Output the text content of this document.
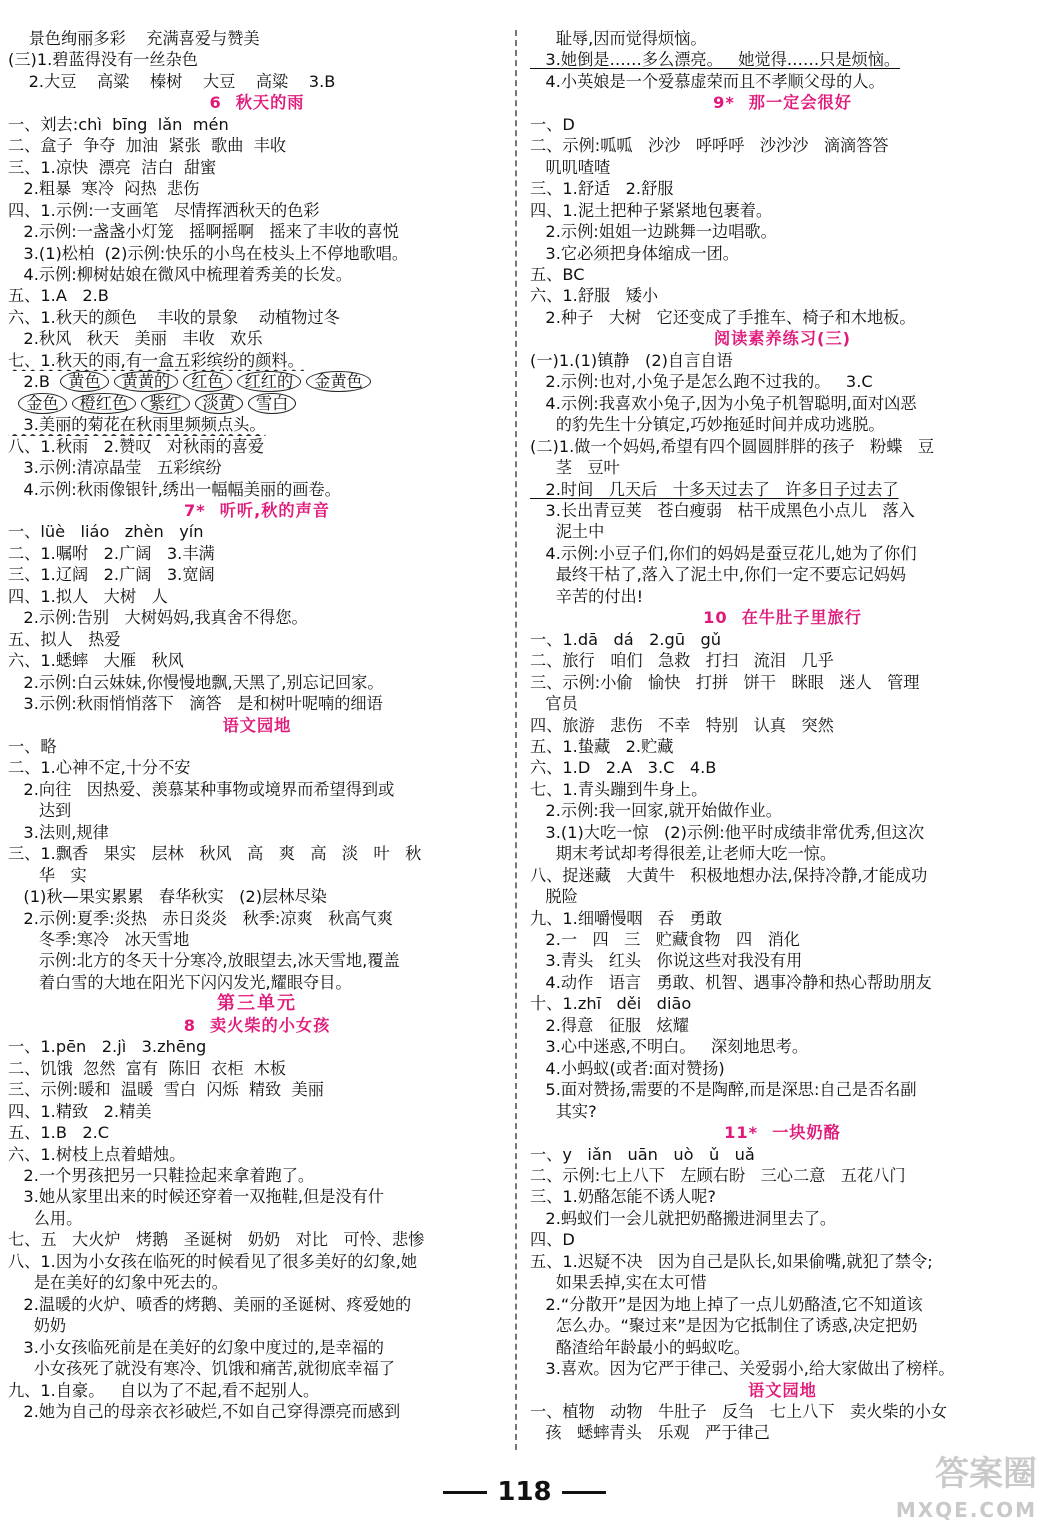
景色绚丽多彩    充满喜爱与赞美
(三)1.碧蓝得没有一丝杂色
2.大豆    高粱    榛树    大豆    高粱    3.B
6 秋天的雨
一、刘去:chì  bīng  lǎn  mén
二、盒子  争夺  加油  紧张  歌曲  丰收
三、1.凉快  漂亮  洁白  甜蜜
2.粗暴  寒冷  闷热  悲伤
四、1.示例:一支画笔   尽情挥洒秋天的色彩
2.示例:一盏盏小灯笼   摇啊摇啊   摇来了丰收的喜悦
3.(1)松柏  (2)示例:快乐的小鸟在枝头上不停地歌唱。
4.示例:柳树姑娘在微风中梳理着秀美的长发。
五、1.A   2.B
六、1.秋天的颜色    丰收的景象    动植物过冬
2.秋风   秋天   美丽   丰收   欢乐
七、1.秋天的雨,有一盒五彩缤纷的颜料。
2.B  黄色 黄黄的 红色 红红的 金黄色
金色 橙红色 紫红 淡黄 雪白
3.美丽的菊花在秋雨里频频点头。
八、1.秋雨   2.赞叹   对秋雨的喜爱
3.示例:清凉晶莹   五彩缤纷
4.示例:秋雨像银针,绣出一幅幅美丽的画卷。
7* 听听,秋的声音
一、lüè   liáo   zhèn   yín
二、1.嘱咐   2.广阔   3.丰满
三、1.辽阔   2.广阔   3.宽阔
四、1.拟人   大树   人
2.示例:告别   大树妈妈,我真舍不得您。
五、拟人   热爱
六、1.蟋蟀   大雁   秋风
2.示例:白云妹妹,你慢慢地飘,天黑了,别忘记回家。
3.示例:秋雨悄悄落下   滴答   是和树叶呢喃的细语
语文园地
一、略
二、1.心神不定,十分不安
2.向往   因热爱、羡慕某种事物或境界而希望得到或
达到
3.法则,规律
三、1.飘香   果实   层林   秋风   高   爽   高   淡   叶   秋
华   实
(1)秋—果实累累   春华秋实   (2)层林尽染
2.示例:夏季:炎热   赤日炎炎   秋季:凉爽   秋高气爽
冬季:寒冷   冰天雪地
示例:北方的冬天十分寒冷,放眼望去,冰天雪地,覆盖
着白雪的大地在阳光下闪闪发光,耀眼夺目。
第三单元
8 卖火柴的小女孩
一、1.pēn   2.jì   3.zhēng
二、饥饿  忽然  富有  陈旧  衣柜  木板
三、示例:暖和  温暖  雪白  闪烁  精致  美丽
四、1.精致   2.精美
五、1.B   2.C
六、1.树枝上点着蜡烛。
2.一个男孩把另一只鞋捡起来拿着跑了。
3.她从家里出来的时候还穿着一双拖鞋,但是没有什
么用。
七、五   大火炉   烤鹅   圣诞树   奶奶   对比   可怜、悲惨
八、1.因为小女孩在临死的时候看见了很多美好的幻象,她
是在美好的幻象中死去的。
2.温暖的火炉、喷香的烤鹅、美丽的圣诞树、疼爱她的
奶奶
3.小女孩临死前是在美好的幻象中度过的,是幸福的
小女孩死了就没有寒冷、饥饿和痛苦,就彻底幸福了
九、1.自豪。   自以为了不起,看不起别人。
2.她为自己的母亲衣衫破烂,不如自己穿得漂亮而感到
耻辱,因而觉得烦恼。
3.她倒是……多么漂亮。   她觉得……只是烦恼。
4.小英娘是一个爱慕虚荣而且不孝顺父母的人。
9* 那一定会很好
一、D
二、示例:呱呱   沙沙   呼呼呼   沙沙沙   滴滴答答
叽叽喳喳
三、1.舒适   2.舒服
四、1.泥土把种子紧紧地包裹着。
2.示例:姐姐一边跳舞一边唱歌。
3.它必须把身体缩成一团。
五、BC
六、1.舒服   矮小
2.种子   大树   它还变成了手推车、椅子和木地板。
阅读素养练习(三)
(一)1.(1)镇静   (2)自言自语
2.示例:也对,小兔子是怎么跑不过我的。   3.C
4.示例:我喜欢小兔子,因为小兔子机智聪明,面对凶恶
的豹先生十分镇定,巧妙拖延时间并成功逃脱。
(二)1.做一个妈妈,希望有四个圆圆胖胖的孩子   粉蝶   豆
茎   豆叶
2.时间   几天后   十多天过去了   许多日子过去了
3.长出青豆荚   苍白瘦弱   枯干成黑色小点儿   落入
泥土中
4.示例:小豆子们,你们的妈妈是蚕豆花儿,她为了你们
最终干枯了,落入了泥土中,你们一定不要忘记妈妈
辛苦的付出!
10 在牛肚子里旅行
一、1.dā   dá   2.gū   gǔ
二、旅行   咱们   急救   打扫   流泪   几乎
三、示例:小偷   愉快   打拼   饼干   眯眼   迷人   管理
官员
四、旅游   悲伤   不幸   特别   认真   突然
五、1.蛰藏   2.贮藏
六、1.D   2.A   3.C   4.B
七、1.青头蹦到牛身上。
2.示例:我一回家,就开始做作业。
3.(1)大吃一惊   (2)示例:他平时成绩非常优秀,但这次
期末考试却考得很差,让老师大吃一惊。
八、捉迷藏   大黄牛   积极地想办法,保持冷静,才能成功
脱险
九、1.细嚼慢咽   吞   勇敢
2.一   四   三   贮藏食物   四   消化
3.青头   红头   你说这些对我没有用
4.动作   语言   勇敢、机智、遇事冷静和热心帮助朋友
十、1.zhī   děi   diāo
2.得意   征服   炫耀
3.心中迷惑,不明白。   深刻地思考。
4.小蚂蚁(或者:面对赞扬)
5.面对赞扬,需要的不是陶醉,而是深思:自己是否名副
其实?
11* 一块奶酪
一、y   iǎn   uān   uò   ǔ   uǎ
二、示例:七上八下   左顾右盼   三心二意   五花八门
三、1.奶酪怎能不诱人呢?
2.蚂蚁们一会儿就把奶酪搬进洞里去了。
四、D
五、1.迟疑不决   因为自己是队长,如果偷嘴,就犯了禁令;
如果丢掉,实在太可惜
2.“分散开”是因为地上掉了一点儿奶酪渣,它不知道该
怎么办。“聚过来”是因为它抵制住了诱惑,决定把奶
酪渣给年龄最小的蚂蚁吃。
3.喜欢。因为它严于律己、关爱弱小,给大家做出了榜样。
语文园地
一、植物   动物   牛肚子   反刍   七上八下   卖火柴的小女
孩   蟋蟀青头   乐观   严于律己
118	答案圈
MXQE.COM
